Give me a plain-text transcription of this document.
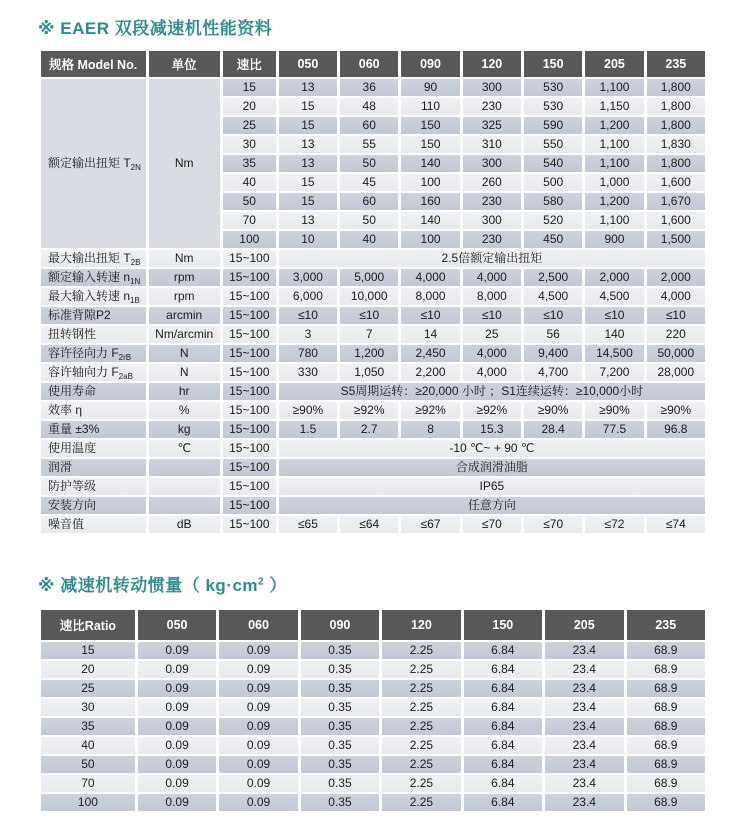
※ EAER 双段减速机性能资料
规格 Model No.	单位	速比	050	060	090	120	150	205	235
额定输出扭矩 $T_{2N}$	Nm	15	13	36	90	300	530	1,100	1,800
		20	15	48	110	230	530	1,150	1,800
		25	15	60	150	325	590	1,200	1,800
		30	13	55	150	310	550	1,100	1,830
		35	13	50	140	300	540	1,100	1,800
		40	15	45	100	260	500	1,000	1,600
		50	15	60	160	230	580	1,200	1,670
		70	13	50	140	300	520	1,100	1,600
		100	10	40	100	230	450	900	1,500
最大输出扭矩 $T_{2B}$	Nm	15~100	2.5倍额定输出扭矩						
额定输入转速 $n_{1N}$	rpm	15~100	3,000	5,000	4,000	4,000	2,500	2,000	2,000
最大输入转速 $n_{1B}$	rpm	15~100	6,000	10,000	8,000	8,000	4,500	4,500	4,000
标准背隙P2	arcmin	15~100	≤10	≤10	≤10	≤10	≤10	≤10	≤10
扭转钢性	Nm/arcmin	15~100	3	7	14	25	56	140	220
容许径向力 $F_{2rB}$	N	15~100	780	1,200	2,450	4,000	9,400	14,500	50,000
容许轴向力 $F_{2aB}$	N	15~100	330	1,050	2,200	4,000	4,700	7,200	28,000
使用寿命	hr	15~100	S5周期运转：≥20,000 小时 ；S1连续运转：≥10,000小时						
效率 η	%	15~100	≥90%	≥92%	≥92%	≥92%	≥90%	≥90%	≥90%
重量 ±3%	kg	15~100	1.5	2.7	8	15.3	28.4	77.5	96.8
使用温度	℃	15~100	-10 ℃~ + 90 ℃						
润滑		15~100	合成润滑油脂						
防护等级		15~100	IP65						
安装方向		15~100	任意方向						
噪音值	dB	15~100	≤65	≤64	≤67	≤70	≤70	≤72	≤74
※ 减速机转动惯量（ $kg\cdot cm^2$ ）
速比Ratio	050	060	090	120	150	205	235
15	0.09	0.09	0.35	2.25	6.84	23.4	68.9
20	0.09	0.09	0.35	2.25	6.84	23.4	68.9
25	0.09	0.09	0.35	2.25	6.84	23.4	68.9
30	0.09	0.09	0.35	2.25	6.84	23.4	68.9
35	0.09	0.09	0.35	2.25	6.84	23.4	68.9
40	0.09	0.09	0.35	2.25	6.84	23.4	68.9
50	0.09	0.09	0.35	2.25	6.84	23.4	68.9
70	0.09	0.09	0.35	2.25	6.84	23.4	68.9
100	0.09	0.09	0.35	2.25	6.84	23.4	68.9
